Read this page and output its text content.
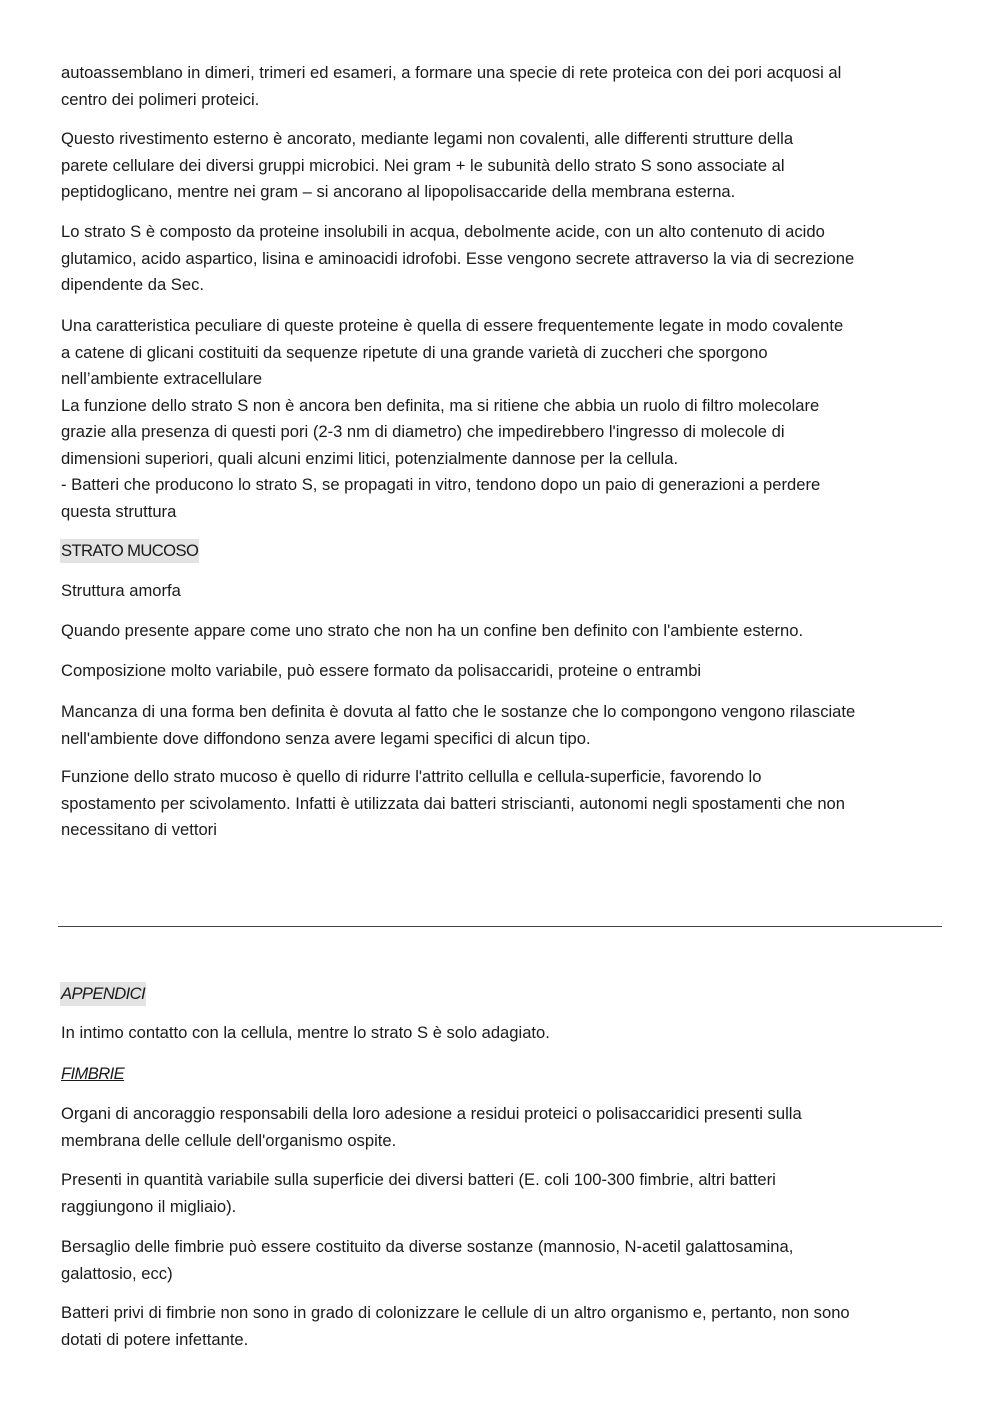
autoassemblano in dimeri, trimeri ed esameri, a formare una specie di rete proteica con dei pori acquosi al
centro dei polimeri proteici.

Questo rivestimento esterno è ancorato, mediante legami non covalenti, alle differenti strutture della
parete cellulare dei diversi gruppi microbici. Nei gram + le subunità dello strato S sono associate al
peptidoglicano, mentre nei gram – si ancorano al lipopolisaccaride della membrana esterna.

Lo strato S è composto da proteine insolubili in acqua, debolmente acide, con un alto contenuto di acido
glutamico, acido aspartico, lisina e aminoacidi idrofobi. Esse vengono secrete attraverso la via di secrezione
dipendente da Sec.

Una caratteristica peculiare di queste proteine è quella di essere frequentemente legate in modo covalente
a catene di glicani costituiti da sequenze ripetute di una grande varietà di zuccheri che sporgono
nell’ambiente extracellulare
La funzione dello strato S non è ancora ben definita, ma si ritiene che abbia un ruolo di filtro molecolare
grazie alla presenza di questi pori (2-3 nm di diametro) che impedirebbero l'ingresso di molecole di
dimensioni superiori, quali alcuni enzimi litici, potenzialmente dannose per la cellula.
- Batteri che producono lo strato S, se propagati in vitro, tendono dopo un paio di generazioni a perdere
questa struttura

STRATO MUCOSO

Struttura amorfa

Quando presente appare come uno strato che non ha un confine ben definito con l'ambiente esterno.

Composizione molto variabile, può essere formato da polisaccaridi, proteine o entrambi

Mancanza di una forma ben definita è dovuta al fatto che le sostanze che lo compongono vengono rilasciate
nell'ambiente dove diffondono senza avere legami specifici di alcun tipo.

Funzione dello strato mucoso è quello di ridurre l'attrito cellulla e cellula-superficie, favorendo lo
spostamento per scivolamento. Infatti è utilizzata dai batteri striscianti, autonomi negli spostamenti che non
necessitano di vettori

APPENDICI

In intimo contatto con la cellula, mentre lo strato S è solo adagiato.

FIMBRIE

Organi di ancoraggio responsabili della loro adesione a residui proteici o polisaccaridici presenti sulla
membrana delle cellule dell'organismo ospite.

Presenti in quantità variabile sulla superficie dei diversi batteri (E. coli 100-300 fimbrie, altri batteri
raggiungono il migliaio).

Bersaglio delle fimbrie può essere costituito da diverse sostanze (mannosio, N-acetil galattosamina,
galattosio, ecc)

Batteri privi di fimbrie non sono in grado di colonizzare le cellule di un altro organismo e, pertanto, non sono
dotati di potere infettante.
